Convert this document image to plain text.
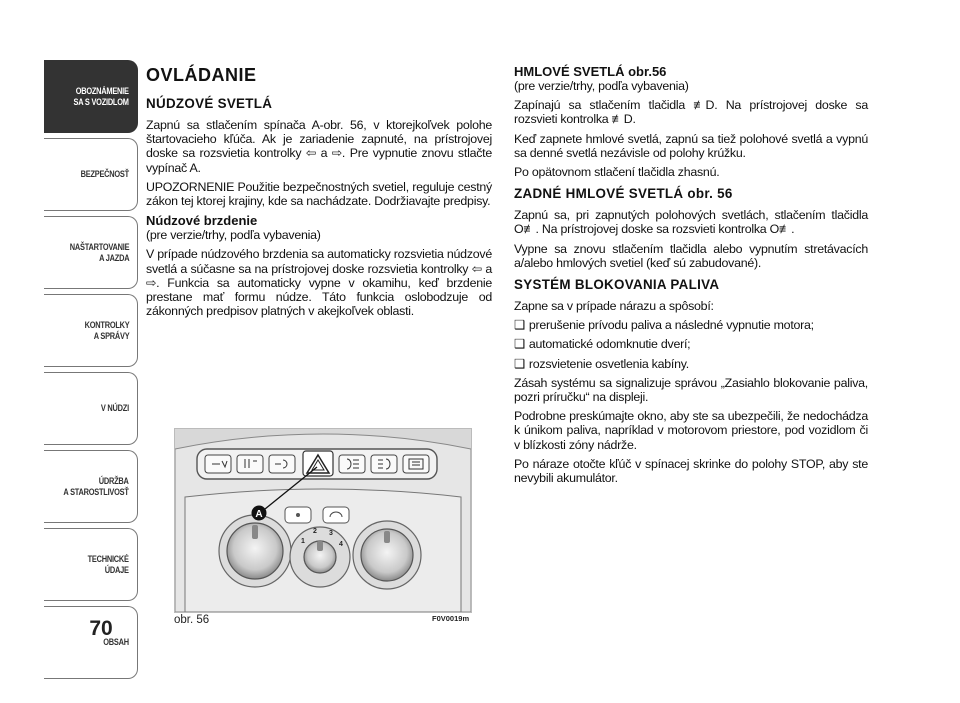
OBOZNÁMENIE
SA S VOZIDLOM
BEZPEČNOSŤ
NAŠTARTOVANIE
A JAZDA
KONTROLKY
A SPRÁVY
V NÚDZI
ÚDRŽBA
A STAROSTLIVOSŤ
TECHNICKÉ
ÚDAJE
OBSAH
70
OVLÁDANIE
NÚDZOVÉ SVETLÁ

Zapnú sa stlačením spínača A-obr. 56, v ktorejkoľvek polohe štartovacieho kľúča. Ak je zariadenie zapnuté, na prístrojovej doske sa rozsvietia kontrolky ⇦ a ⇨. Pre vypnutie znovu stlačte vypínač A.

UPOZORNENIE Použitie bezpečnostných svetiel, reguluje cestný zákon tej ktorej krajiny, kde sa nachádzate. Dodržiavajte predpisy.

Núdzové brzdenie

(pre verzie/trhy, podľa vybavenia)

V prípade núdzového brzdenia sa automaticky rozsvietia núdzové svetlá a súčasne sa na prístrojovej doske rozsvietia kontrolky ⇦ a ⇨. Funkcia sa automaticky vypne v okamihu, keď brzdenie prestane mať formu núdze. Táto funkcia oslobodzuje od zákonných predpisov platných v akejkoľvek oblasti.

HMLOVÉ SVETLÁ obr.56

(pre verzie/trhy, podľa vybavenia)

Zapínajú sa stlačením tlačidla ≢D. Na prístrojovej doske sa rozsvieti kontrolka ≢D.

Keď zapnete hmlové svetlá, zapnú sa tiež polohové svetlá a vypnú sa denné svetlá nezávisle od polohy krúžku.

Po opätovnom stlačení tlačidla zhasnú.

ZADNÉ HMLOVÉ SVETLÁ obr. 56

Zapnú sa, pri zapnutých polohových svetlách, stlačením tlačidla O≢. Na prístrojovej doske sa rozsvieti kontrolka O≢.

Vypne sa znovu stlačením tlačidla alebo vypnutím stretávacích a/alebo hmlových svetiel (keď sú zabudované).

SYSTÉM BLOKOVANIA PALIVA

Zapne sa v prípade nárazu a spôsobí:

❑ prerušenie prívodu paliva a následné vypnutie motora;

❑ automatické odomknutie dverí;

❑ rozsvietenie osvetlenia kabíny.

Zásah systému sa signalizuje správou „Zasiahlo blokovanie paliva, pozri príručku“ na displeji.

Podrobne preskúmajte okno, aby ste sa ubezpečili, že nedochádza k únikom paliva, napríklad v motorovom priestore, pod vozidlom či v blízkosti zóny nádrže.

Po náraze otočte kľúč v spínacej skrinke do polohy STOP, aby ste nevybili akumulátor.

1
2 3
4
A
obr. 56	F0V0019m
